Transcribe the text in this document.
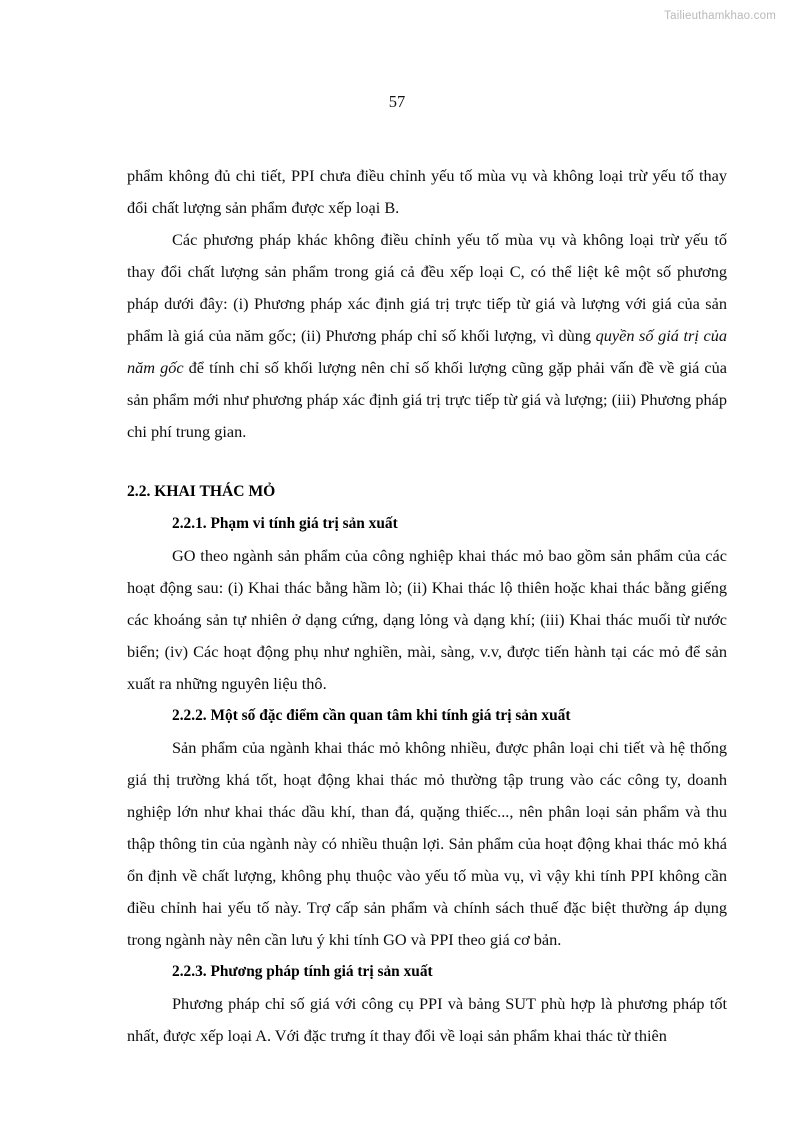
Tailieuthamkhao.com
57

phẩm không đủ chi tiết, PPI chưa điều chỉnh yếu tố mùa vụ và không loại trừ yếu tố thay đổi chất lượng sản phẩm được xếp loại B.

Các phương pháp khác không điều chỉnh yếu tố mùa vụ và không loại trừ yếu tố thay đổi chất lượng sản phẩm trong giá cả đều xếp loại C, có thể liệt kê một số phương pháp dưới đây: (i) Phương pháp xác định giá trị trực tiếp từ giá và lượng với giá của sản phẩm là giá của năm gốc; (ii) Phương pháp chỉ số khối lượng, vì dùng quyền số giá trị của năm gốc để tính chỉ số khối lượng nên chỉ số khối lượng cũng gặp phải vấn đề về giá của sản phẩm mới như phương pháp xác định giá trị trực tiếp từ giá và lượng; (iii) Phương pháp chi phí trung gian.

2.2. KHAI THÁC MỎ

2.2.1. Phạm vi tính giá trị sản xuất

GO theo ngành sản phẩm của công nghiệp khai thác mỏ bao gồm sản phẩm của các hoạt động sau: (i) Khai thác bằng hầm lò; (ii) Khai thác lộ thiên hoặc khai thác bằng giếng các khoáng sản tự nhiên ở dạng cứng, dạng lỏng và dạng khí; (iii) Khai thác muối từ nước biển; (iv) Các hoạt động phụ như nghiền, mài, sàng, v.v, được tiến hành tại các mỏ để sản xuất ra những nguyên liệu thô.

2.2.2. Một số đặc điểm cần quan tâm khi tính giá trị sản xuất

Sản phẩm của ngành khai thác mỏ không nhiều, được phân loại chi tiết và hệ thống giá thị trường khá tốt, hoạt động khai thác mỏ thường tập trung vào các công ty, doanh nghiệp lớn như khai thác dầu khí, than đá, quặng thiếc..., nên phân loại sản phẩm và thu thập thông tin của ngành này có nhiều thuận lợi. Sản phẩm của hoạt động khai thác mỏ khá ổn định về chất lượng, không phụ thuộc vào yếu tố mùa vụ, vì vậy khi tính PPI không cần điều chỉnh hai yếu tố này. Trợ cấp sản phẩm và chính sách thuế đặc biệt thường áp dụng trong ngành này nên cần lưu ý khi tính GO và PPI theo giá cơ bản.

2.2.3. Phương pháp tính giá trị sản xuất

Phương pháp chỉ số giá với công cụ PPI và bảng SUT phù hợp là phương pháp tốt nhất, được xếp loại A. Với đặc trưng ít thay đổi về loại sản phẩm khai thác từ thiên
